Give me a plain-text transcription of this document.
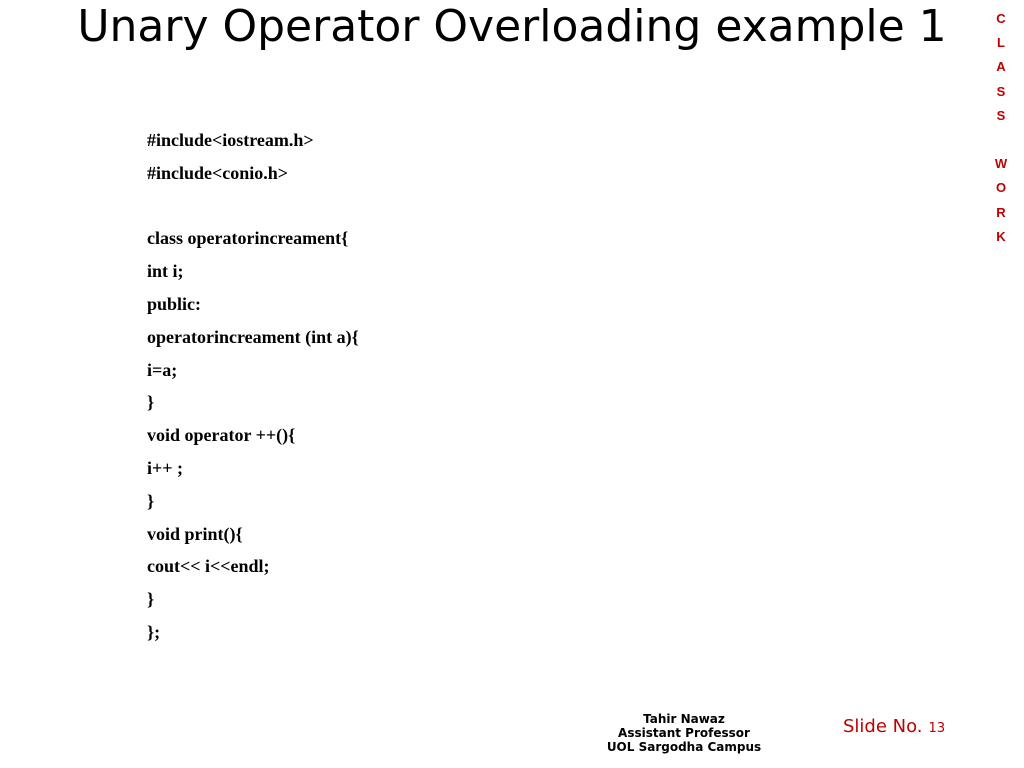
Unary Operator Overloading example 1	C
L
A
S
S
W
O
R
K
#include<iostream.h>
#include<conio.h>
class operatorincreament{
int i;
public:
operatorincreament (int a){
i=a;
}
void operator ++(){
i++ ;
}
void print(){
cout<< i<<endl;
}
};
Tahir Nawaz
Assistant Professor
UOL Sargodha Campus
Slide No. 13
